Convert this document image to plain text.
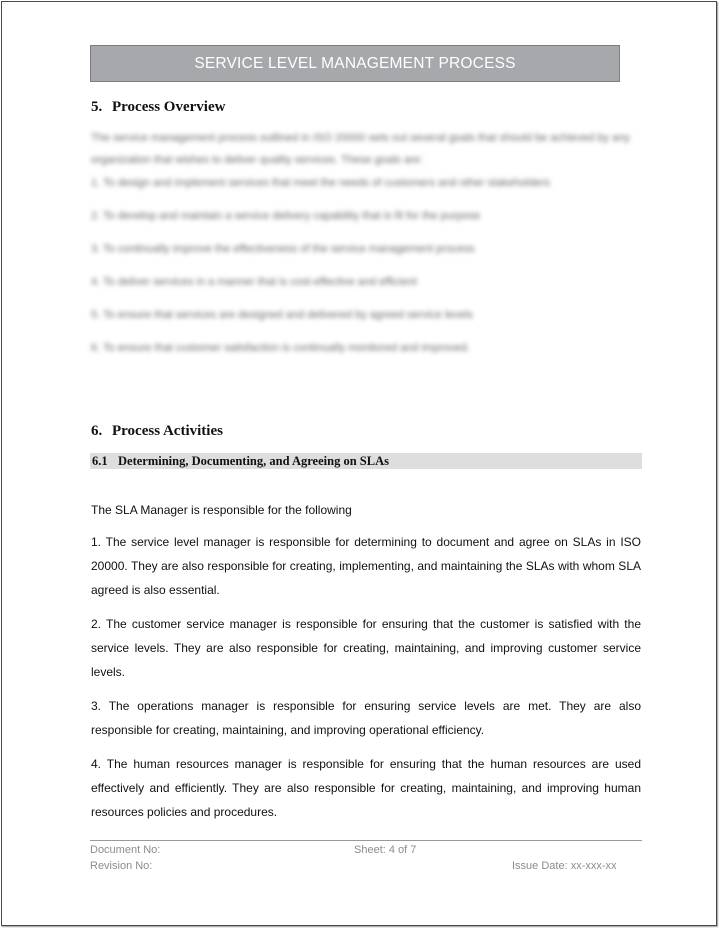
SERVICE LEVEL MANAGEMENT PROCESS
5. Process Overview

The service management process outlined in ISO 20000 sets out several goals that should be achieved by any organization that wishes to deliver quality services. These goals are:

1. To design and implement services that meet the needs of customers and other stakeholders

2. To develop and maintain a service delivery capability that is fit for the purpose

3. To continually improve the effectiveness of the service management process

4. To deliver services in a manner that is cost-effective and efficient

5. To ensure that services are designed and delivered by agreed service levels

6. To ensure that customer satisfaction is continually monitored and improved.

6. Process Activities
6.1 Determining, Documenting, and Agreeing on SLAs

The SLA Manager is responsible for the following

1. The service level manager is responsible for determining to document and agree on SLAs in ISO 20000. They are also responsible for creating, implementing, and maintaining the SLAs with whom SLA agreed is also essential.

2. The customer service manager is responsible for ensuring that the customer is satisfied with the service levels. They are also responsible for creating, maintaining, and improving customer service levels.

3. The operations manager is responsible for ensuring service levels are met. They are also responsible for creating, maintaining, and improving operational efficiency.

4. The human resources manager is responsible for ensuring that the human resources are used effectively and efficiently. They are also responsible for creating, maintaining, and improving human resources policies and procedures.

Document No:
Revision No:
Sheet: 4 of 7
Issue Date: xx-xxx-xx
